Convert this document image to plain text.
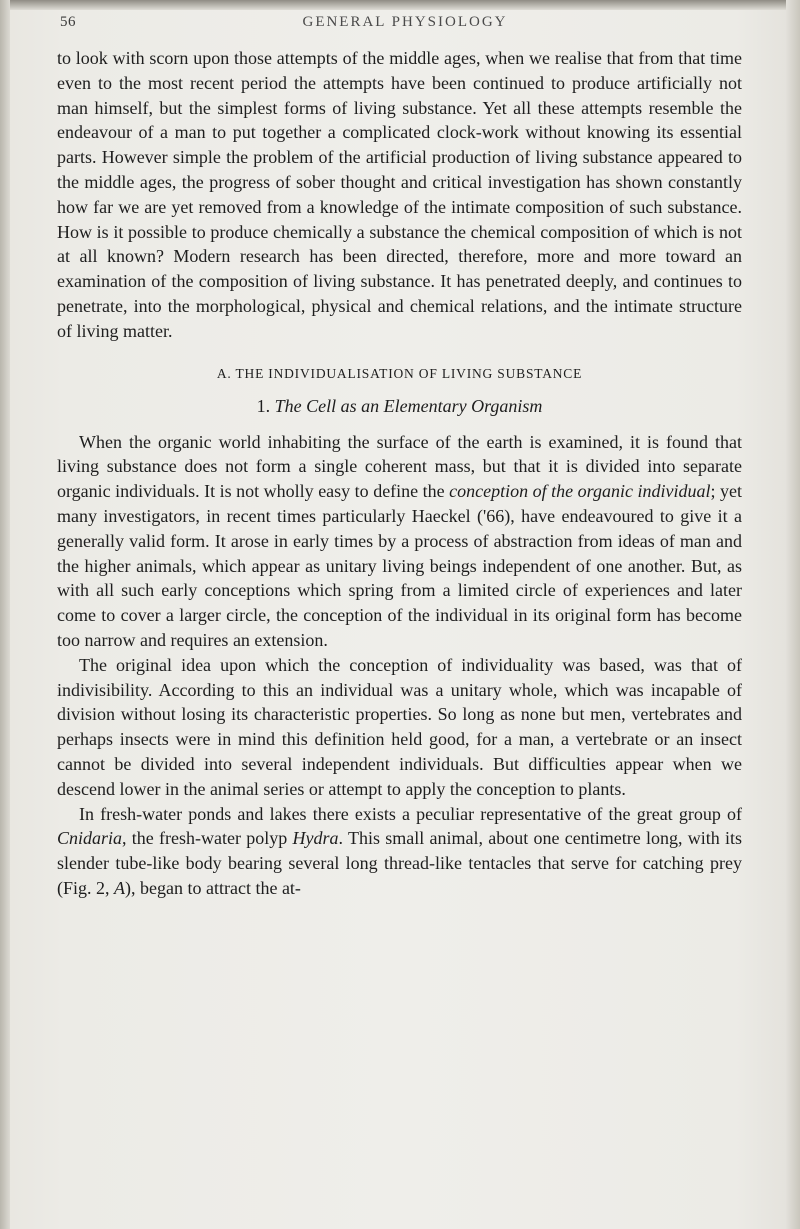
56	GENERAL PHYSIOLOGY

to look with scorn upon those attempts of the middle ages, when we realise that from that time even to the most recent period the attempts have been continued to produce artificially not man himself, but the simplest forms of living substance. Yet all these attempts resemble the endeavour of a man to put together a complicated clock-work without knowing its essential parts. However simple the problem of the artificial production of living substance appeared to the middle ages, the progress of sober thought and critical investigation has shown constantly how far we are yet removed from a knowledge of the intimate composition of such substance. How is it possible to produce chemically a substance the chemical composition of which is not at all known? Modern research has been directed, therefore, more and more toward an examination of the composition of living substance. It has penetrated deeply, and continues to penetrate, into the morphological, physical and chemical relations, and the intimate structure of living matter.

A. THE INDIVIDUALISATION OF LIVING SUBSTANCE
1. The Cell as an Elementary Organism

When the organic world inhabiting the surface of the earth is examined, it is found that living substance does not form a single coherent mass, but that it is divided into separate organic individuals. It is not wholly easy to define the conception of the organic individual; yet many investigators, in recent times particularly Haeckel ('66), have endeavoured to give it a generally valid form. It arose in early times by a process of abstraction from ideas of man and the higher animals, which appear as unitary living beings independent of one another. But, as with all such early conceptions which spring from a limited circle of experiences and later come to cover a larger circle, the conception of the individual in its original form has become too narrow and requires an extension.

The original idea upon which the conception of individuality was based, was that of indivisibility. According to this an individual was a unitary whole, which was incapable of division without losing its characteristic properties. So long as none but men, vertebrates and perhaps insects were in mind this definition held good, for a man, a vertebrate or an insect cannot be divided into several independent individuals. But difficulties appear when we descend lower in the animal series or attempt to apply the conception to plants.

In fresh-water ponds and lakes there exists a peculiar representative of the great group of Cnidaria, the fresh-water polyp Hydra. This small animal, about one centimetre long, with its slender tube-like body bearing several long thread-like tentacles that serve for catching prey (Fig. 2, A), began to attract the at-
